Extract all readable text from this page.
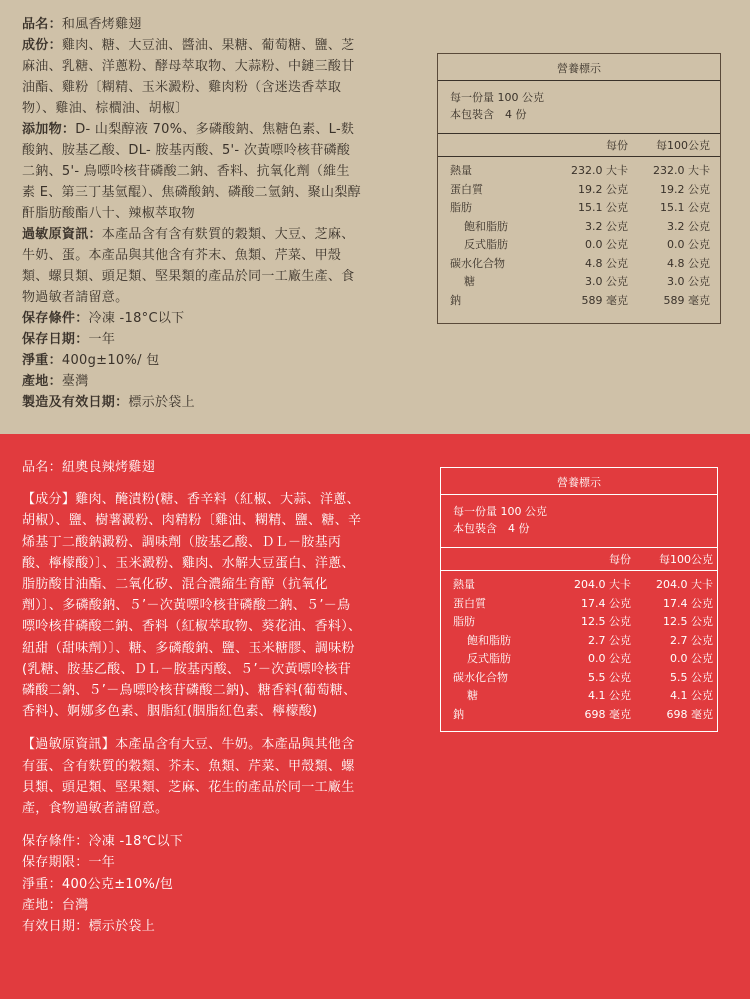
品名：和風香烤雞翅
成份：雞肉、糖、大豆油、醬油、果糖、葡萄糖、鹽、芝麻油、乳糖、洋蔥粉、酵母萃取物、大蒜粉、中鏈三酸甘油酯、雞粉〔糊精、玉米澱粉、雞肉粉（含迷迭香萃取物）、雞油、棕櫚油、胡椒〕
添加物：D- 山梨醇液 70%、多磷酸鈉、焦糖色素、L-麩酸鈉、胺基乙酸、DL- 胺基丙酸、5'- 次黃嘌呤核苷磷酸二鈉、5'- 鳥嘌呤核苷磷酸二鈉、香料、抗氧化劑（維生素 E、第三丁基氫醌）、焦磷酸鈉、磷酸二氫鈉、聚山梨醇酐脂肪酸酯八十、辣椒萃取物
過敏原資訊：本產品含有含有麩質的穀類、大豆、芝麻、牛奶、蛋。本產品與其他含有芥末、魚類、芹菜、甲殼類、螺貝類、頭足類、堅果類的產品於同一工廠生產、食物過敏者請留意。
保存條件：冷凍 -18°C以下
保存日期：一年
淨重：400g±10%/ 包
產地：臺灣
製造及有效日期：標示於袋上
營養標示
每一份量 100 公克
本包裝含　4 份
每份	每100公克
熱量	232.0 大卡	232.0 大卡
蛋白質	19.2 公克	19.2 公克
脂肪	15.1 公克	15.1 公克
飽和脂肪	3.2 公克	3.2 公克
反式脂肪	0.0 公克	0.0 公克
碳水化合物	4.8 公克	4.8 公克
糖	3.0 公克	3.0 公克
鈉	589 毫克	589 毫克
品名：紐奧良辣烤雞翅
【成分】雞肉、醃漬粉(糖、香辛料（紅椒、大蒜、洋蔥、胡椒）、鹽、樹薯澱粉、肉精粉〔雞油、糊精、鹽、糖、辛烯基丁二酸鈉澱粉、調味劑（胺基乙酸、ＤＬ－胺基丙酸、檸檬酸）〕、玉米澱粉、雞肉、水解大豆蛋白、洋蔥、脂肪酸甘油酯、二氧化矽、混合濃縮生育醇（抗氧化劑）〕、多磷酸鈉、５’－次黃嘌呤核苷磷酸二鈉、５’－鳥嘌呤核苷磷酸二鈉、香料（紅椒萃取物、葵花油、香料）、紐甜（甜味劑）〕、糖、多磷酸鈉、鹽、玉米糖膠、調味粉(乳糖、胺基乙酸、ＤＬ－胺基丙酸、５’－次黃嘌呤核苷磷酸二鈉、５’－鳥嘌呤核苷磷酸二鈉)、糖香料(葡萄糖、香料)、婀娜多色素、胭脂紅(胭脂紅色素、檸檬酸)
【過敏原資訊】本產品含有大豆、牛奶。本產品與其他含有蛋、含有麩質的穀類、芥末、魚類、芹菜、甲殼類、螺貝類、頭足類、堅果類、芝麻、花生的產品於同一工廠生產，食物過敏者請留意。
保存條件：冷凍 -18℃以下
保存期限：一年
淨重：400公克±10%/包
產地：台灣
有效日期：標示於袋上
營養標示
每一份量 100 公克
本包裝含　4 份
每份	每100公克
熱量	204.0 大卡	204.0 大卡
蛋白質	17.4 公克	17.4 公克
脂肪	12.5 公克	12.5 公克
飽和脂肪	2.7 公克	2.7 公克
反式脂肪	0.0 公克	0.0 公克
碳水化合物	5.5 公克	5.5 公克
糖	4.1 公克	4.1 公克
鈉	698 毫克	698 毫克
